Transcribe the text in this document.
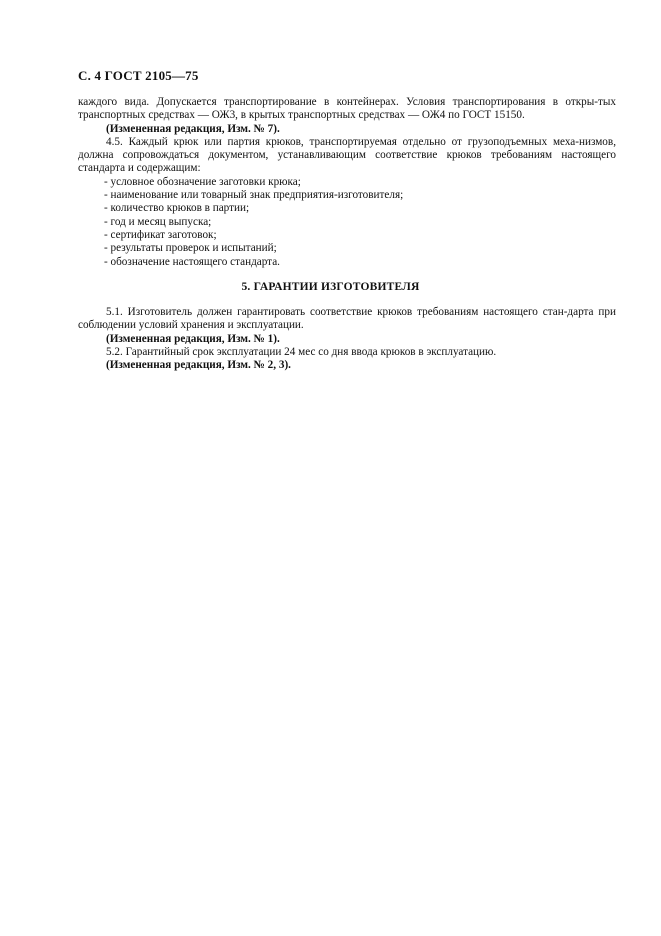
С. 4 ГОСТ 2105—75

каждого вида. Допускается транспортирование в контейнерах. Условия транспортирования в откры-тых транспортных средствах — ОЖ3, в крытых транспортных средствах — ОЖ4 по ГОСТ 15150.

(Измененная редакция, Изм. № 7).

4.5. Каждый крюк или партия крюков, транспортируемая отдельно от грузоподъемных меха-низмов, должна сопровождаться документом, устанавливающим соответствие крюков требованиям настоящего стандарта и содержащим:

- условное обозначение заготовки крюка;

- наименование или товарный знак предприятия-изготовителя;

- количество крюков в партии;

- год и месяц выпуска;

- сертификат заготовок;

- результаты проверок и испытаний;

- обозначение настоящего стандарта.

5. ГАРАНТИИ ИЗГОТОВИТЕЛЯ

5.1. Изготовитель должен гарантировать соответствие крюков требованиям настоящего стан-дарта при соблюдении условий хранения и эксплуатации.

(Измененная редакция, Изм. № 1).

5.2. Гарантийный срок эксплуатации 24 мес со дня ввода крюков в эксплуатацию.

(Измененная редакция, Изм. № 2, 3).
